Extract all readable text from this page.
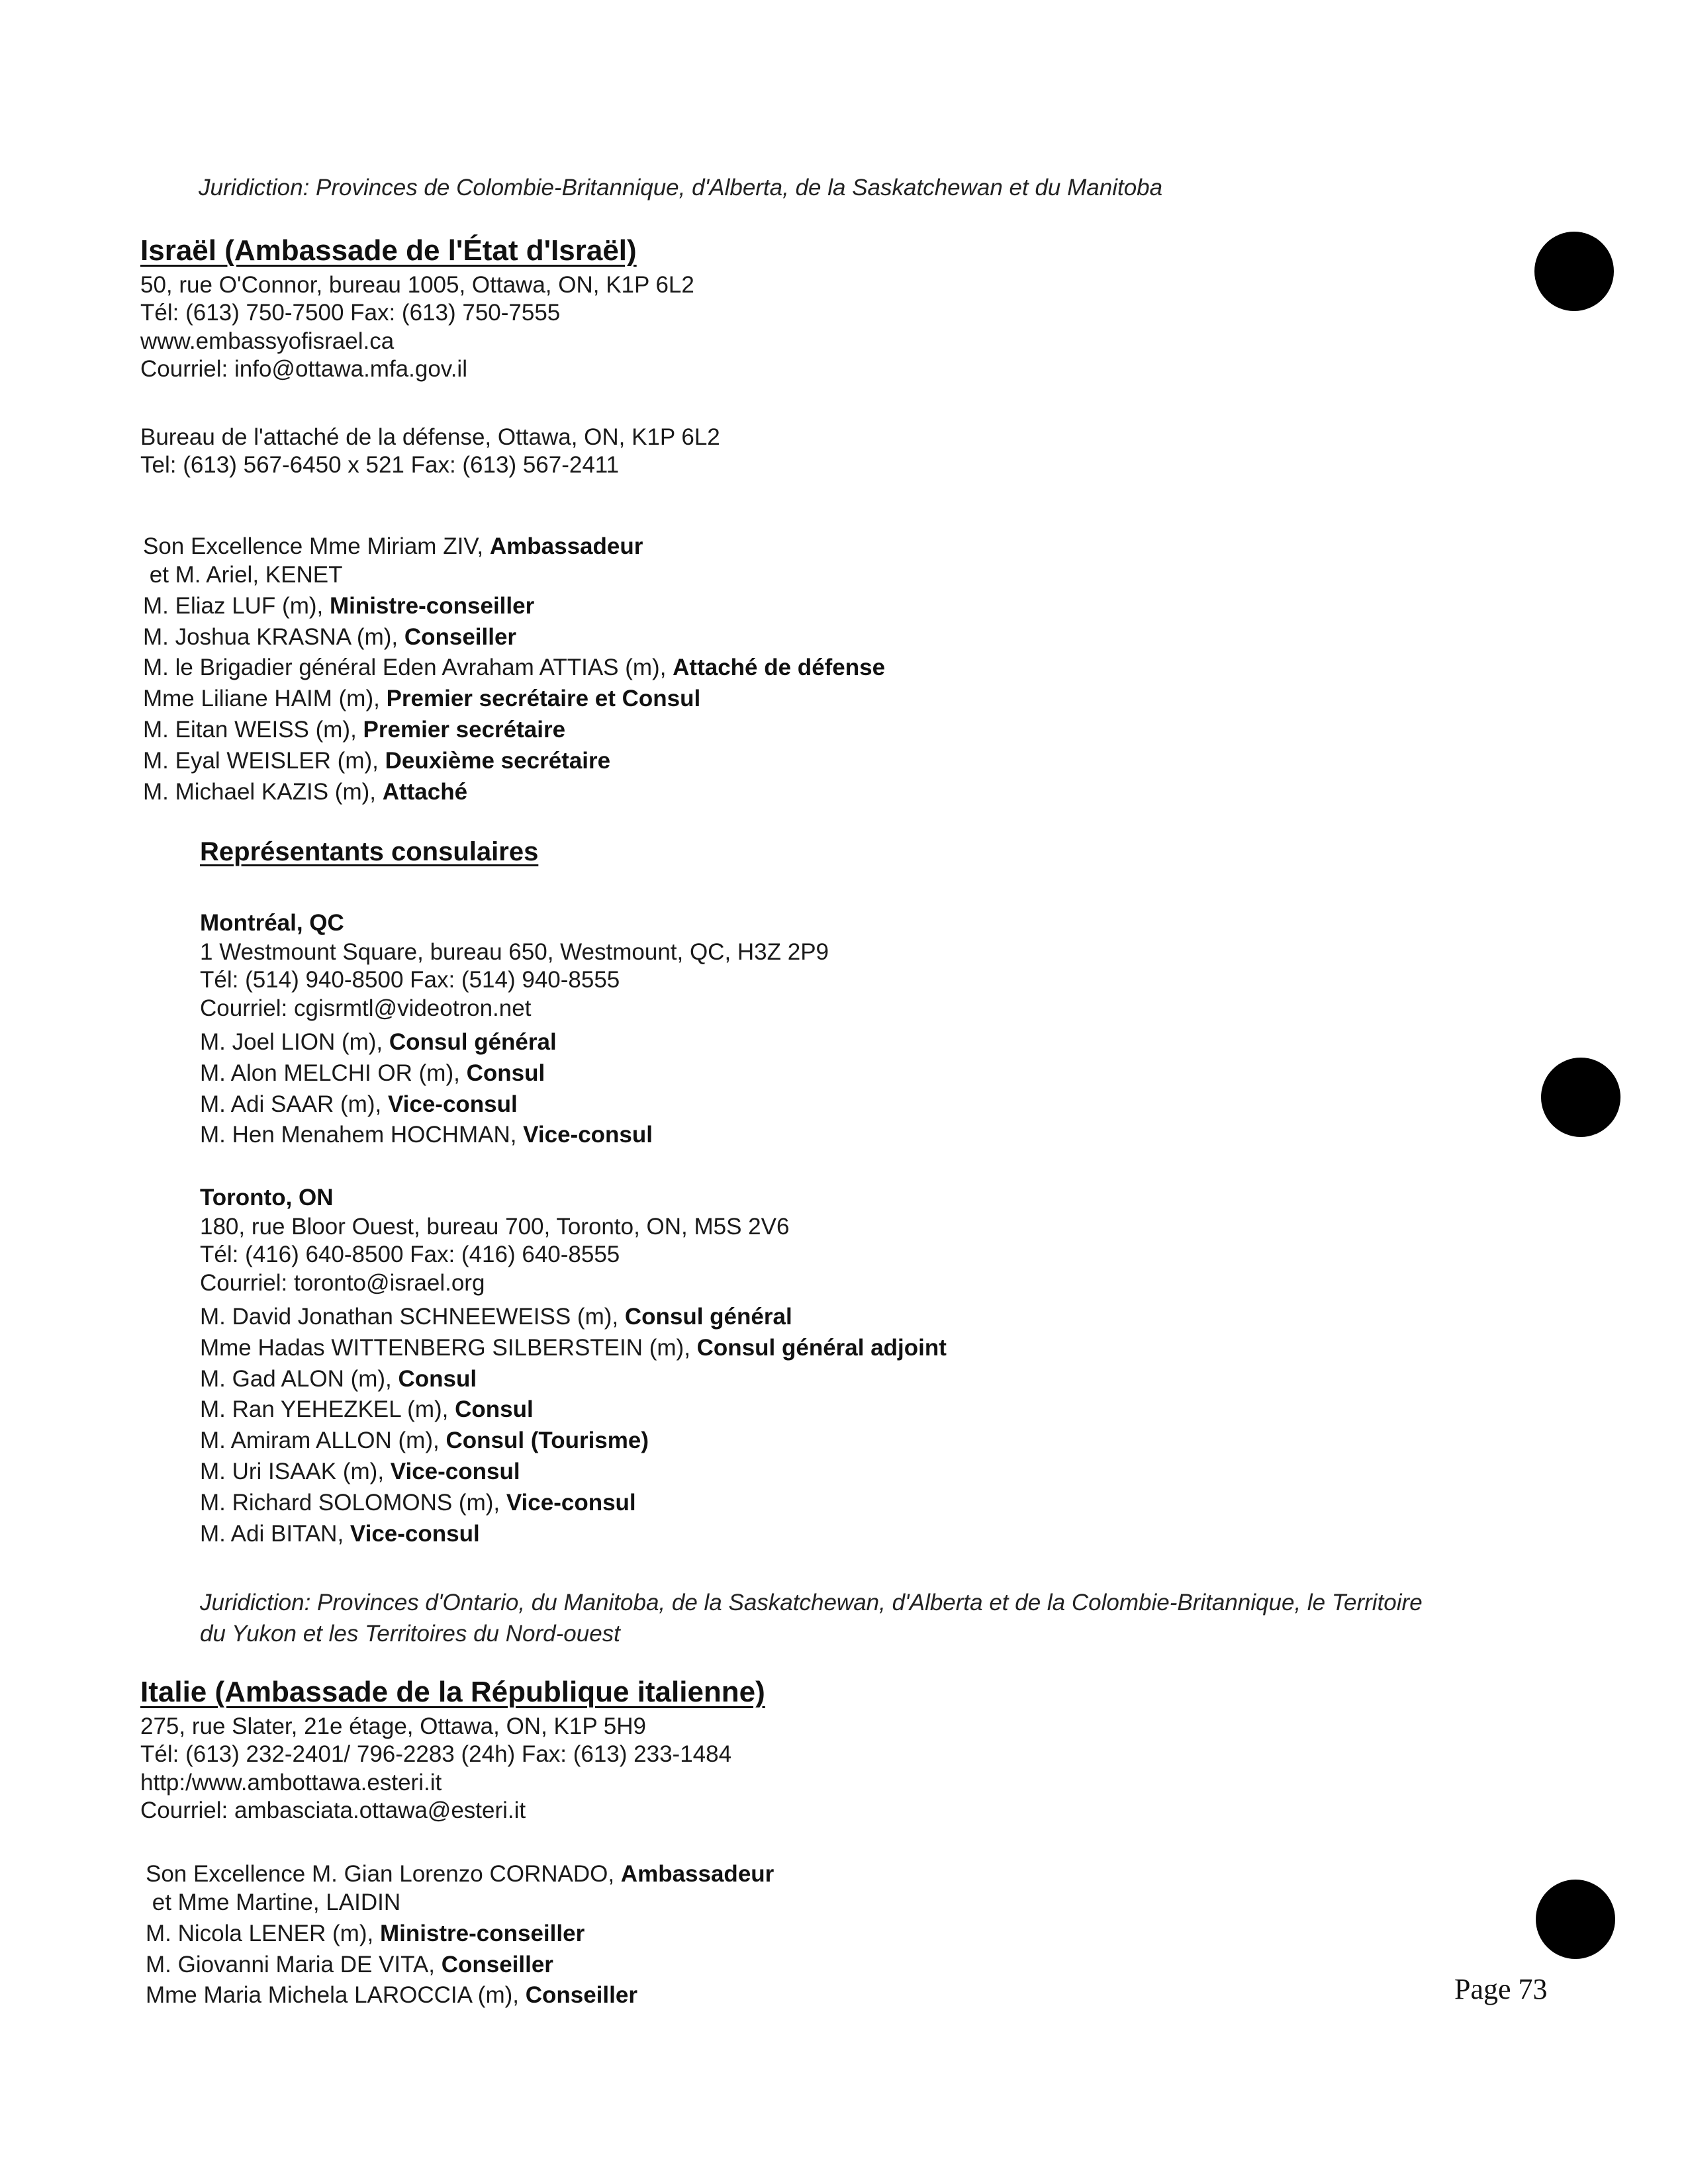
Juridiction: Provinces de Colombie-Britannique, d'Alberta, de la Saskatchewan et du Manitoba

Israël (Ambassade de l'État d'Israël)
50, rue O'Connor, bureau 1005, Ottawa, ON, K1P 6L2
Tél: (613) 750-7500 Fax: (613) 750-7555
www.embassyofisrael.ca
Courriel: info@ottawa.mfa.gov.il
Bureau de l'attaché de la défense, Ottawa, ON, K1P 6L2
Tel: (613) 567-6450 x 521 Fax: (613) 567-2411
Son Excellence Mme Miriam ZIV, Ambassadeur
et M. Ariel, KENET
M. Eliaz LUF (m), Ministre-conseiller
M. Joshua KRASNA (m), Conseiller
M. le Brigadier général Eden Avraham ATTIAS (m), Attaché de défense
Mme Liliane HAIM (m), Premier secrétaire et Consul
M. Eitan WEISS (m), Premier secrétaire
M. Eyal WEISLER (m), Deuxième secrétaire
M. Michael KAZIS (m), Attaché
Représentants consulaires

Montréal, QC

1 Westmount Square, bureau 650, Westmount, QC, H3Z 2P9
Tél: (514) 940-8500 Fax: (514) 940-8555
Courriel: cgisrmtl@videotron.net
M. Joel LION (m), Consul général
M. Alon MELCHI OR (m), Consul
M. Adi SAAR (m), Vice-consul
M. Hen Menahem HOCHMAN, Vice-consul

Toronto, ON

180, rue Bloor Ouest, bureau 700, Toronto, ON, M5S 2V6
Tél: (416) 640-8500 Fax: (416) 640-8555
Courriel: toronto@israel.org
M. David Jonathan SCHNEEWEISS (m), Consul général
Mme Hadas WITTENBERG SILBERSTEIN (m), Consul général adjoint
M. Gad ALON (m), Consul
M. Ran YEHEZKEL (m), Consul
M. Amiram ALLON (m), Consul (Tourisme)
M. Uri ISAAK (m), Vice-consul
M. Richard SOLOMONS (m), Vice-consul
M. Adi BITAN, Vice-consul

Juridiction: Provinces d'Ontario, du Manitoba, de la Saskatchewan, d'Alberta et de la Colombie-Britannique, le Territoire

du Yukon et les Territoires du Nord-ouest

Italie (Ambassade de la République italienne)
275, rue Slater, 21e étage, Ottawa, ON, K1P 5H9
Tél: (613) 232-2401/ 796-2283 (24h) Fax: (613) 233-1484
http:/www.ambottawa.esteri.it
Courriel: ambasciata.ottawa@esteri.it
Son Excellence M. Gian Lorenzo CORNADO, Ambassadeur
et Mme Martine, LAIDIN
M. Nicola LENER (m), Ministre-conseiller
M. Giovanni Maria DE VITA, Conseiller
Mme Maria Michela LAROCCIA (m), Conseiller	Page 73
